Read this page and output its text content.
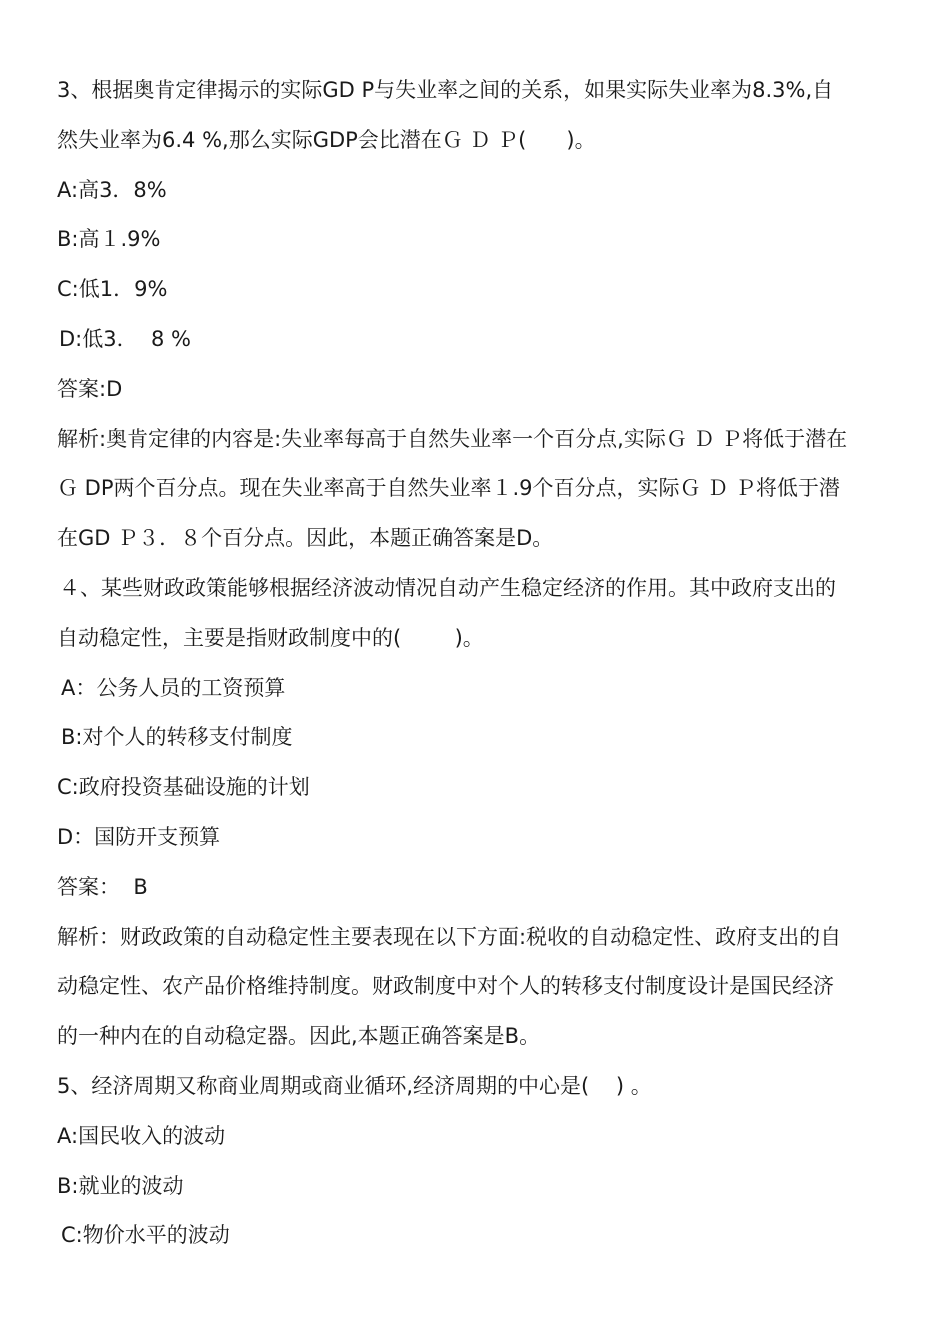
3、根据奥肯定律揭示的实际GD P与失业率之间的关系，如果实际失业率为8.3%,自
然失业率为6.4 %,那么实际GDP会比潜在Ｇ Ｄ Ｐ(      )。
A:高3．8%
B:高１.9%
C:低1．9%
D:低3．  8 %
答案:D
解析:奥肯定律的内容是:失业率每高于自然失业率一个百分点,实际Ｇ Ｄ Ｐ将低于潜在
Ｇ DP两个百分点。现在失业率高于自然失业率１.9个百分点，实际Ｇ Ｄ Ｐ将低于潜
在GD Ｐ３．８个百分点。因此，本题正确答案是D。
４、某些财政政策能够根据经济波动情况自动产生稳定经济的作用。其中政府支出的
自动稳定性，主要是指财政制度中的(        )。
A：公务人员的工资预算
B:对个人的转移支付制度
C:政府投资基础设施的计划
D：国防开支预算
答案：  B
解析：财政政策的自动稳定性主要表现在以下方面:税收的自动稳定性、政府支出的自
动稳定性、农产品价格维持制度。财政制度中对个人的转移支付制度设计是国民经济
的一种内在的自动稳定器。因此,本题正确答案是B。
5、经济周期又称商业周期或商业循环,经济周期的中心是(    ) 。
A:国民收入的波动
B:就业的波动
C:物价水平的波动
